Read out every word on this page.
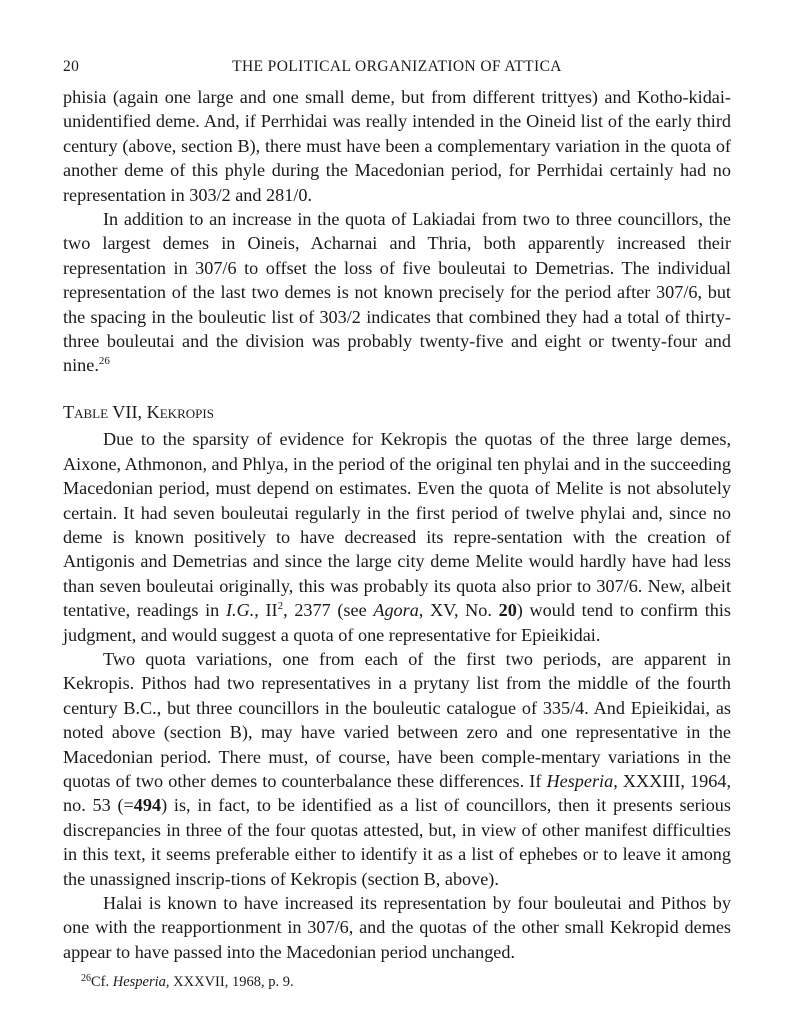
20	THE POLITICAL ORGANIZATION OF ATTICA

phisia (again one large and one small deme, but from different trittyes) and Kotho-kidai-unidentified deme. And, if Perrhidai was really intended in the Oineid list of the early third century (above, section B), there must have been a complementary variation in the quota of another deme of this phyle during the Macedonian period, for Perrhidai certainly had no representation in 303/2 and 281/0.

In addition to an increase in the quota of Lakiadai from two to three councillors, the two largest demes in Oineis, Acharnai and Thria, both apparently increased their representation in 307/6 to offset the loss of five bouleutai to Demetrias. The individual representation of the last two demes is not known precisely for the period after 307/6, but the spacing in the bouleutic list of 303/2 indicates that combined they had a total of thirty-three bouleutai and the division was probably twenty-five and eight or twenty-four and nine.$^{26}$

Table VII, Kekropis

Due to the sparsity of evidence for Kekropis the quotas of the three large demes, Aixone, Athmonon, and Phlya, in the period of the original ten phylai and in the succeeding Macedonian period, must depend on estimates. Even the quota of Melite is not absolutely certain. It had seven bouleutai regularly in the first period of twelve phylai and, since no deme is known positively to have decreased its repre-sentation with the creation of Antigonis and Demetrias and since the large city deme Melite would hardly have had less than seven bouleutai originally, this was probably its quota also prior to 307/6. New, albeit tentative, readings in I.G., $II^2$, 2377 (see Agora, XV, No. 20) would tend to confirm this judgment, and would suggest a quota of one representative for Epieikidai.

Two quota variations, one from each of the first two periods, are apparent in Kekropis. Pithos had two representatives in a prytany list from the middle of the fourth century B.C., but three councillors in the bouleutic catalogue of 335/4. And Epieikidai, as noted above (section B), may have varied between zero and one representative in the Macedonian period. There must, of course, have been comple-mentary variations in the quotas of two other demes to counterbalance these differences. If Hesperia, XXXIII, 1964, no. 53 (=494) is, in fact, to be identified as a list of councillors, then it presents serious discrepancies in three of the four quotas attested, but, in view of other manifest difficulties in this text, it seems preferable either to identify it as a list of ephebes or to leave it among the unassigned inscrip-tions of Kekropis (section B, above).

Halai is known to have increased its representation by four bouleutai and Pithos by one with the reapportionment in 307/6, and the quotas of the other small Kekropid demes appear to have passed into the Macedonian period unchanged.

$^{26}$Cf. Hesperia, XXXVII, 1968, p. 9.
